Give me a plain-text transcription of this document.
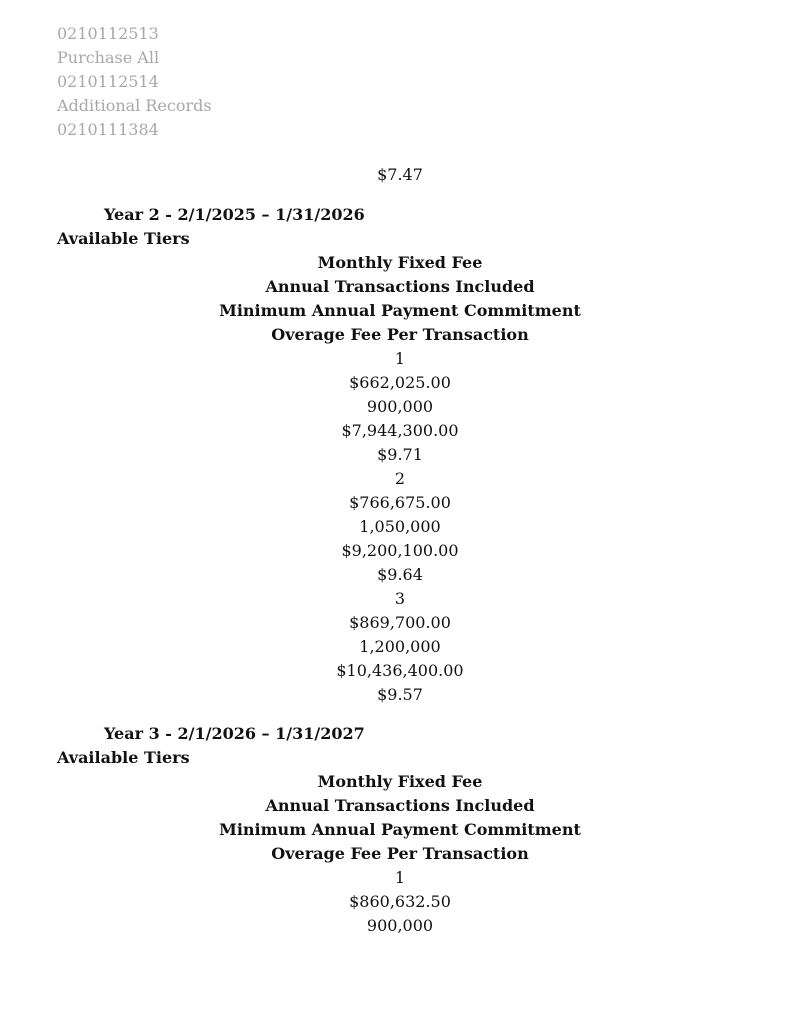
0210112513
Purchase All
0210112514
Additional Records
0210111384
$7.47
Year 2 - 2/1/2025 – 1/31/2026
Available Tiers
Monthly Fixed Fee
Annual Transactions Included
Minimum Annual Payment Commitment
Overage Fee Per Transaction
1
$662,025.00
900,000
$7,944,300.00
$9.71
2
$766,675.00
1,050,000
$9,200,100.00
$9.64
3
$869,700.00
1,200,000
$10,436,400.00
$9.57
Year 3 - 2/1/2026 – 1/31/2027
Available Tiers
Monthly Fixed Fee
Annual Transactions Included
Minimum Annual Payment Commitment
Overage Fee Per Transaction
1
$860,632.50
900,000
